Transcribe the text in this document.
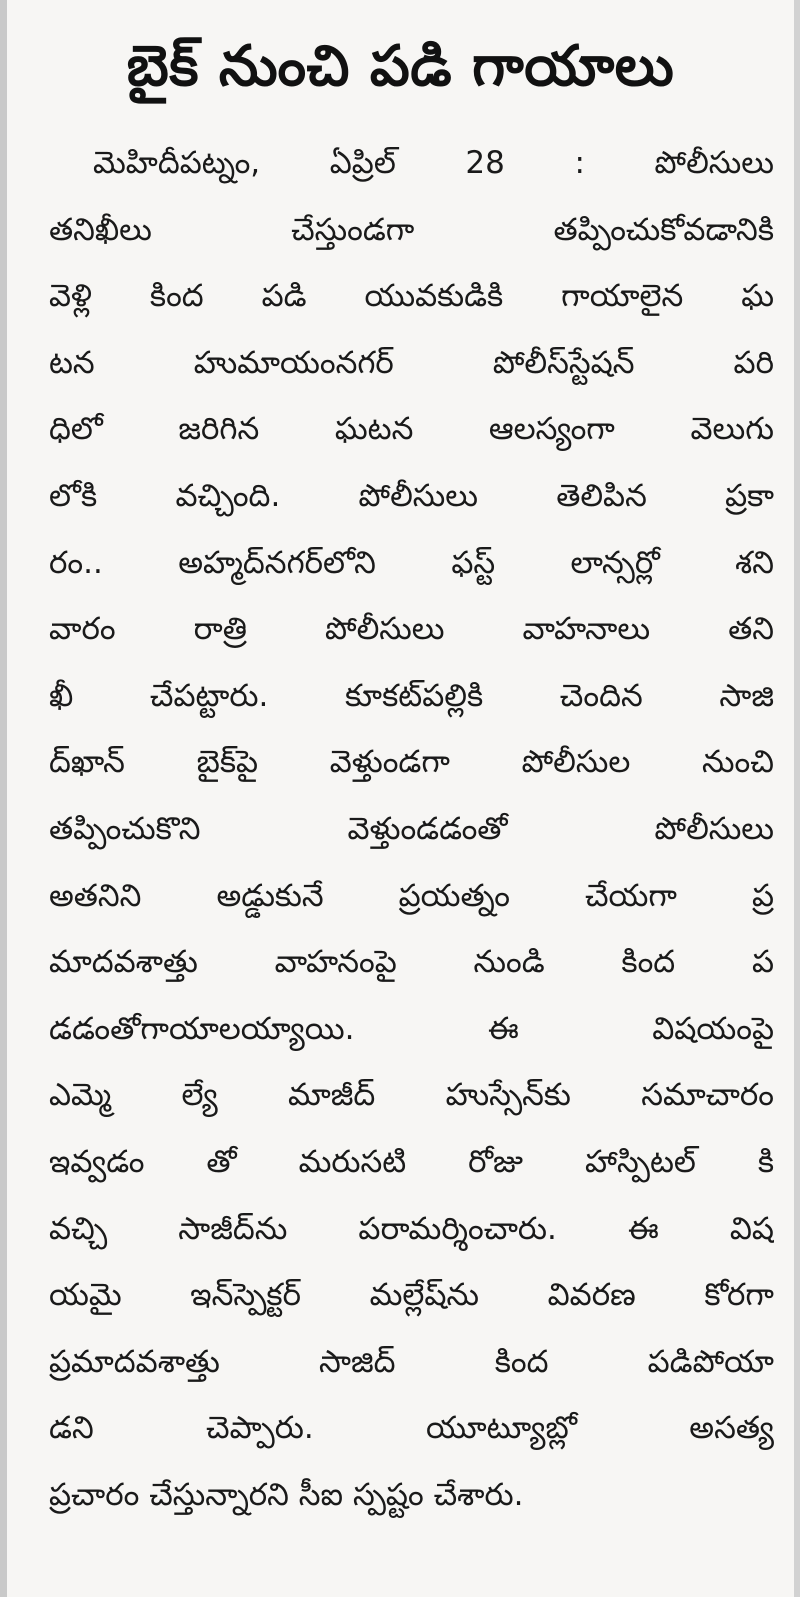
బైక్ నుంచి పడి గాయాలు
మెహిదీపట్నం, ఏప్రిల్ 28 : పోలీసులు
తనిఖీలు చేస్తుండగా తప్పించుకోవడానికి
వెళ్లి కింద పడి యువకుడికి గాయాలైన ఘ
టన హుమాయంనగర్ పోలీస్‌స్టేషన్ పరి
ధిలో జరిగిన ఘటన ఆలస్యంగా వెలుగు
లోకి వచ్చింది. పోలీసులు తెలిపిన ప్రకా
రం.. అహ్మద్‌నగర్‌లోని ఫస్ట్ లాన్సర్లో శని
వారం రాత్రి పోలీసులు వాహనాలు తని
ఖీ చేపట్టారు. కూకట్‌పల్లికి చెందిన సాజి
ద్‌ఖాన్ బైక్‌పై వెళ్తుండగా పోలీసుల నుంచి
తప్పించుకొని వెళ్తుండడంతో పోలీసులు
అతనిని అడ్డుకునే ప్రయత్నం చేయగా ప్ర
మాదవశాత్తు వాహనంపై నుండి కింద ప
డడంతోగాయాలయ్యాయి. ఈ విషయంపై
ఎమ్మె ల్యే మాజీద్ హుస్సేన్‌కు సమాచారం
ఇవ్వడం తో మరుసటి రోజు హాస్పిటల్ కి
వచ్చి సాజీద్‌ను పరామర్శించారు. ఈ విష
యమై ఇన్‌స్పెక్టర్ మల్లేష్‌ను వివరణ కోరగా
ప్రమాదవశాత్తు సాజిద్ కింద పడిపోయా
డని చెప్పారు. యూట్యూబ్లో అసత్య
ప్రచారం చేస్తున్నారని సీఐ స్పష్టం చేశారు.
